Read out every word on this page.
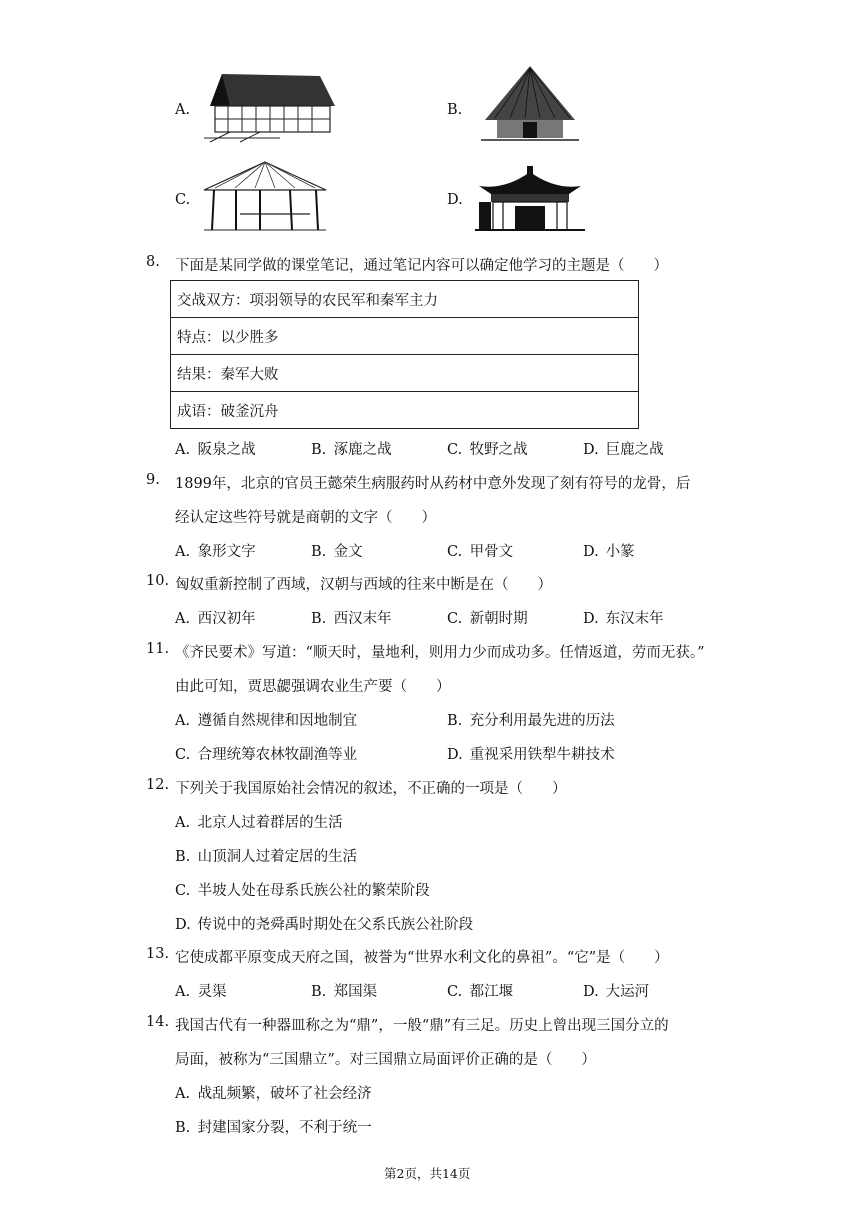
A.	B.
C.	D.
8. 下面是某同学做的课堂笔记，通过笔记内容可以确定他学习的主题是（　　）
交战双方：项羽领导的农民军和秦军主力
特点：以少胜多
结果：秦军大败
成语：破釜沉舟
A. 阪泉之战	B. 涿鹿之战	C. 牧野之战	D. 巨鹿之战
9. 1899年，北京的官员王懿荣生病服药时从药材中意外发现了刻有符号的龙骨，后
经认定这些符号就是商朝的文字（　　）
A. 象形文字	B. 金文	C. 甲骨文	D. 小篆
10. 匈奴重新控制了西域，汉朝与西域的往来中断是在（　　）
A. 西汉初年	B. 西汉末年	C. 新朝时期	D. 东汉末年
11. 《齐民要术》写道：“顺天时，量地利，则用力少而成功多。任情返道，劳而无获。”
由此可知，贾思勰强调农业生产要（　　）
A. 遵循自然规律和因地制宜	B. 充分利用最先进的历法
C. 合理统筹农林牧副渔等业	D. 重视采用铁犁牛耕技术
12. 下列关于我国原始社会情况的叙述，不正确的一项是（　　）
A. 北京人过着群居的生活
B. 山顶洞人过着定居的生活
C. 半坡人处在母系氏族公社的繁荣阶段
D. 传说中的尧舜禹时期处在父系氏族公社阶段
13. 它使成都平原变成天府之国，被誉为“世界水利文化的鼻祖”。“它”是（　　）
A. 灵渠	B. 郑国渠	C. 都江堰	D. 大运河
14. 我国古代有一种器皿称之为“鼎”，一般“鼎”有三足。历史上曾出现三国分立的
局面，被称为“三国鼎立”。对三国鼎立局面评价正确的是（　　）
A. 战乱频繁，破坏了社会经济
B. 封建国家分裂，不利于统一
第2页，共14页
